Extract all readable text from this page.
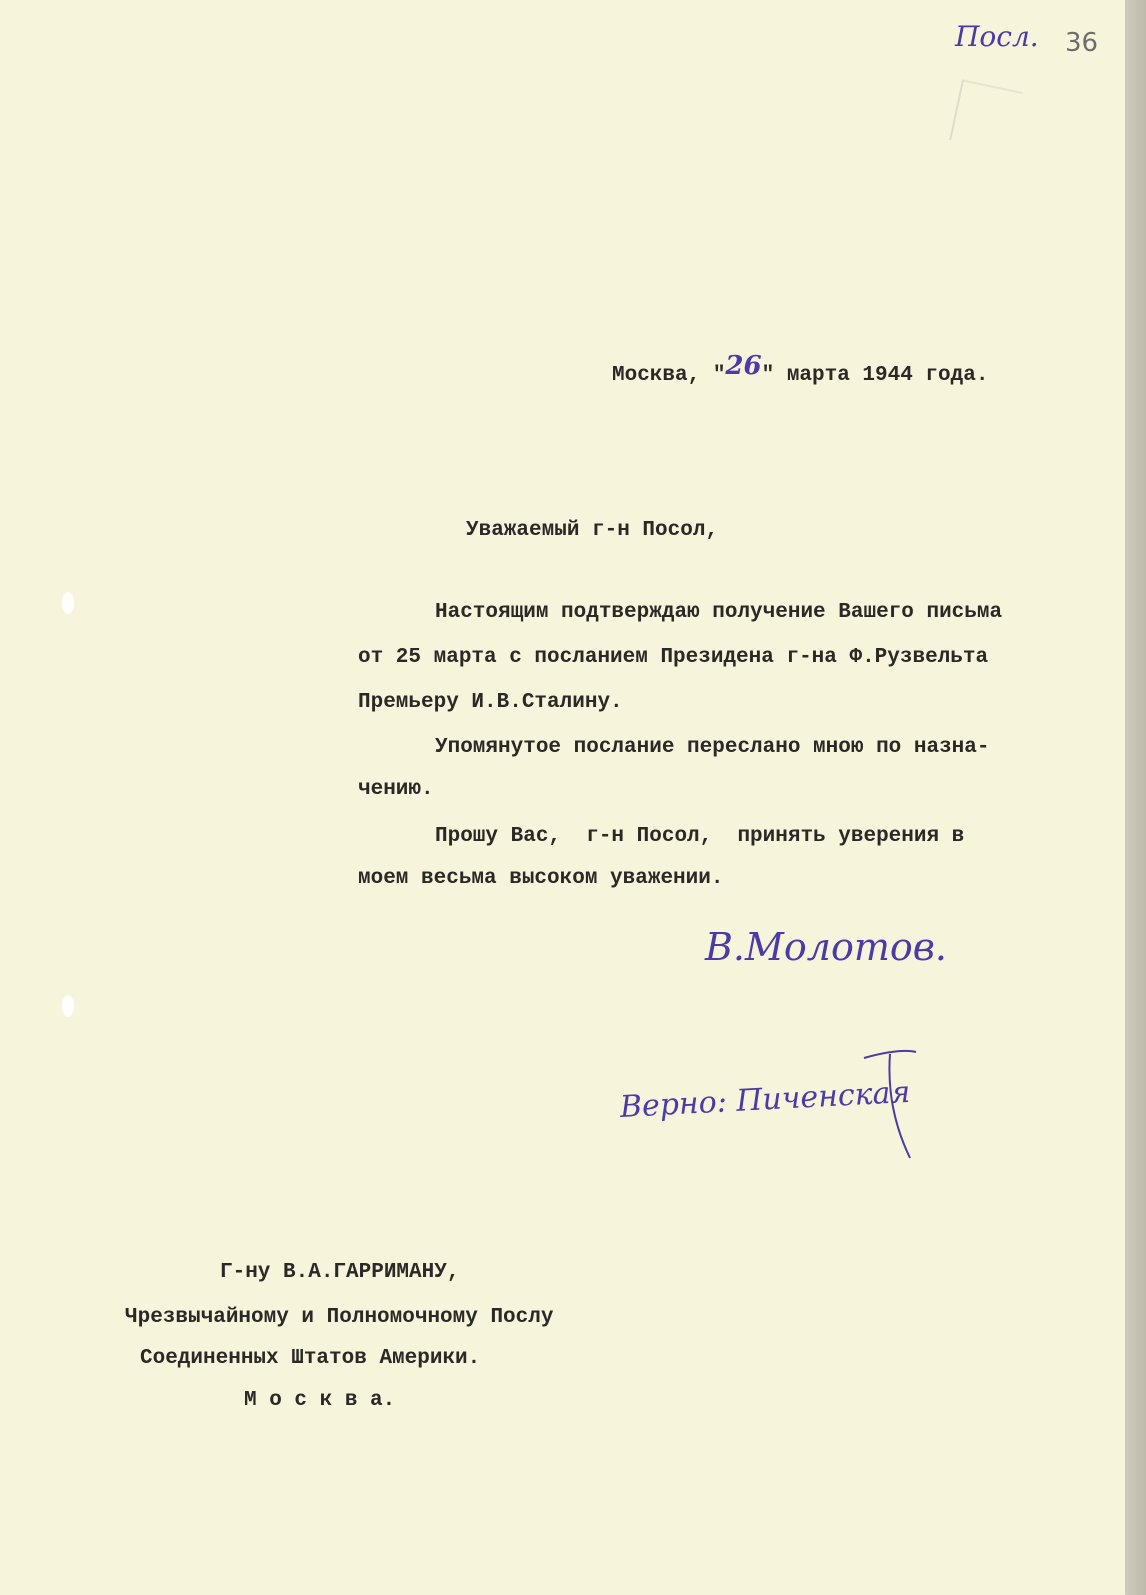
Посл. 36
Москва, "26" марта 1944 года.
Уважаемый г-н Посол,
Настоящим подтверждаю получение Вашего письма
от 25 марта с посланием Президена г-на Ф.Рузвельта
Премьеру И.В.Сталину.
Упомянутое послание переслано мною по назна-
чению.
Прошу Вас,  г-н Посол,  принять уверения в
моем весьма высоком уважении.
В.Молотов.
Верно: Пиченская
Г-ну В.А.ГАРРИМАНУ,
Чрезвычайному и Полномочному Послу
Соединенных Штатов Америки.
М о с к в а.
